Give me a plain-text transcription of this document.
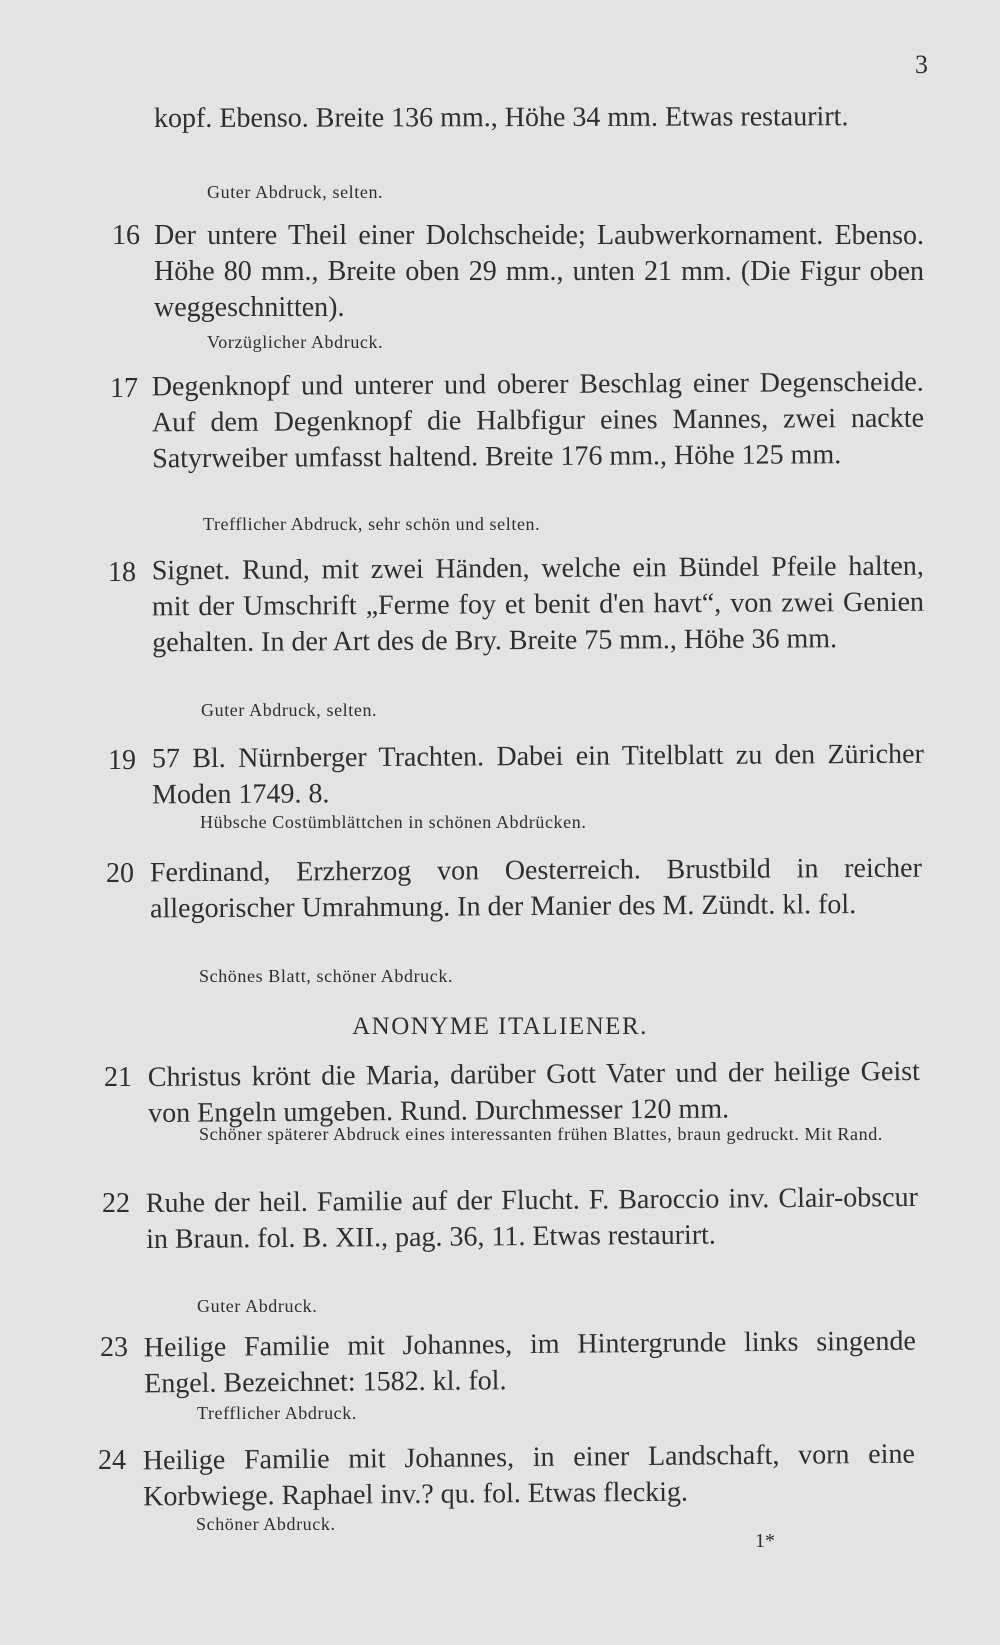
3
kopf. Ebenso. Breite 136 mm., Höhe 34 mm. Etwas restaurirt.
Guter Abdruck, selten.
16 Der untere Theil einer Dolchscheide; Laubwerkornament. Ebenso. Höhe 80 mm., Breite oben 29 mm., unten 21 mm. (Die Figur oben weggeschnitten).
Vorzüglicher Abdruck.
17 Degenknopf und unterer und oberer Beschlag einer Degenscheide. Auf dem Degenknopf die Halbfigur eines Mannes, zwei nackte Satyrweiber umfasst haltend. Breite 176 mm., Höhe 125 mm.
Trefflicher Abdruck, sehr schön und selten.
18 Signet. Rund, mit zwei Händen, welche ein Bündel Pfeile halten, mit der Umschrift „Ferme foy et benit d'en havt“, von zwei Genien gehalten. In der Art des de Bry. Breite 75 mm., Höhe 36 mm.
Guter Abdruck, selten.
19 57 Bl. Nürnberger Trachten. Dabei ein Titelblatt zu den Züricher Moden 1749. 8.
Hübsche Costümblättchen in schönen Abdrücken.
20 Ferdinand, Erzherzog von Oesterreich. Brustbild in reicher allegorischer Umrahmung. In der Manier des M. Zündt. kl. fol.
Schönes Blatt, schöner Abdruck.
ANONYME ITALIENER.
21 Christus krönt die Maria, darüber Gott Vater und der heilige Geist von Engeln umgeben. Rund. Durchmesser 120 mm.
Schöner späterer Abdruck eines interessanten frühen Blattes, braun gedruckt. Mit Rand.
22 Ruhe der heil. Familie auf der Flucht. F. Baroccio inv. Clair-obscur in Braun. fol. B. XII., pag. 36, 11. Etwas restaurirt.
Guter Abdruck.
23 Heilige Familie mit Johannes, im Hintergrunde links singende Engel. Bezeichnet: 1582. kl. fol.
Trefflicher Abdruck.
24 Heilige Familie mit Johannes, in einer Landschaft, vorn eine Korbwiege. Raphael inv.? qu. fol. Etwas fleckig.
Schöner Abdruck.
1*
